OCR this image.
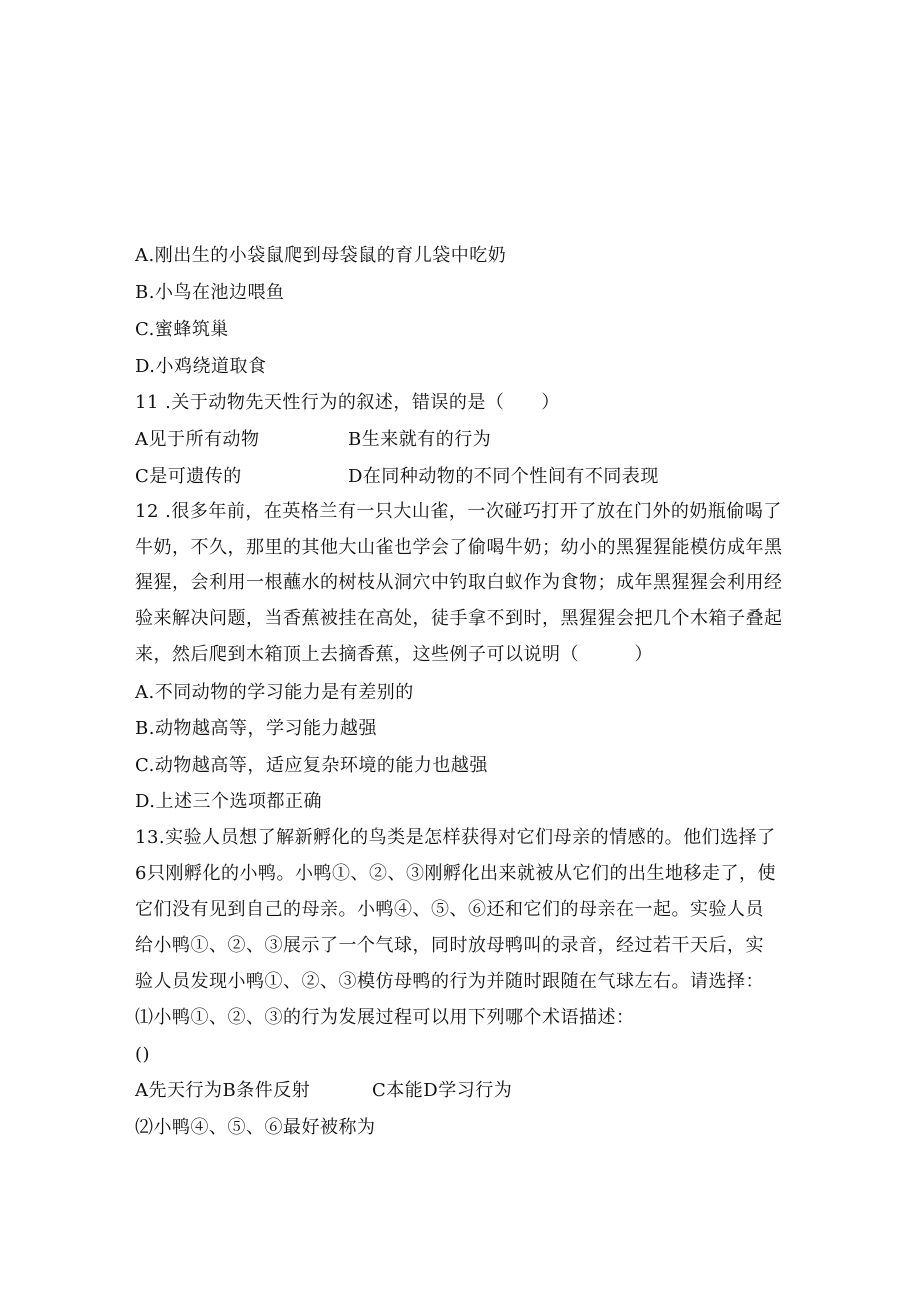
A.刚出生的小袋鼠爬到母袋鼠的育儿袋中吃奶
B.小鸟在池边喂鱼
C.蜜蜂筑巢
D.小鸡绕道取食
11 .关于动物先天性行为的叙述，错误的是（　　）
A见于所有动物	B生来就有的行为
C是可遗传的	D在同种动物的不同个性间有不同表现
12 .很多年前，在英格兰有一只大山雀，一次碰巧打开了放在门外的奶瓶偷喝了
牛奶，不久，那里的其他大山雀也学会了偷喝牛奶；幼小的黑猩猩能模仿成年黑
猩猩，会利用一根蘸水的树枝从洞穴中钓取白蚁作为食物；成年黑猩猩会利用经
验来解决问题，当香蕉被挂在高处，徒手拿不到时，黑猩猩会把几个木箱子叠起
来，然后爬到木箱顶上去摘香蕉，这些例子可以说明（　　　）
A.不同动物的学习能力是有差别的
B.动物越高等，学习能力越强
C.动物越高等，适应复杂环境的能力也越强
D.上述三个选项都正确
13.实验人员想了解新孵化的鸟类是怎样获得对它们母亲的情感的。他们选择了
6只刚孵化的小鸭。小鸭①、②、③刚孵化出来就被从它们的出生地移走了，使
它们没有见到自己的母亲。小鸭④、⑤、⑥还和它们的母亲在一起。实验人员
给小鸭①、②、③展示了一个气球，同时放母鸭叫的录音，经过若干天后，实
验人员发现小鸭①、②、③模仿母鸭的行为并随时跟随在气球左右。请选择：
⑴小鸭①、②、③的行为发展过程可以用下列哪个术语描述：
()
A先天行为B条件反射	C本能D学习行为
⑵小鸭④、⑤、⑥最好被称为
